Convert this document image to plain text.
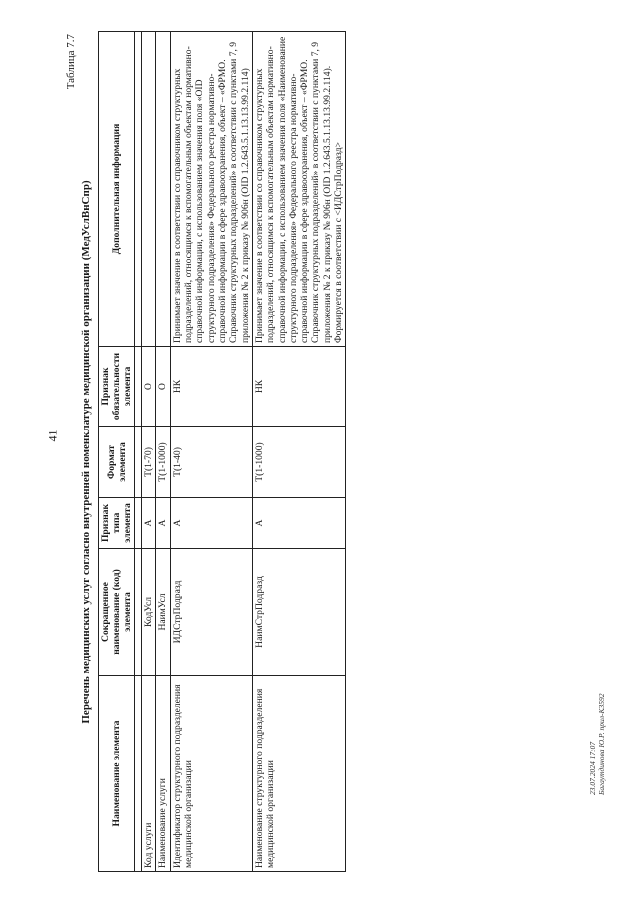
41
Таблица 7.7
Перечень медицинских услуг согласно внутренней номенклатуре медицинской организации (МедУслВнСпр)
Наименование элемента	Сокращенное наименование (код) элемента	Признак типа элемента	Формат элемента	Признак обязательности элемента	Дополнительная информация

Код услуги	КодУсл	А	Т(1-70)	О	
Наименование услуги	НаимУсл	А	Т(1-1000)	О	
Идентификатор структурного подразделения медицинской организации	ИДСтрПодразд	А	Т(1-40)	НК	Принимает значение в соответствии со справочником структурных подразделений, относящимся к вспомогательным объектам нормативно-справочной информации, с использованием значения поля «OID структурного подразделения» Федерального реестра нормативно-справочной информации в сфере здравоохранения, объект – «ФРМО. Справочник структурных подразделений» в соответствии с пунктами 7, 9 приложения № 2 к приказу № 906н (OID 1.2.643.5.1.13.13.99.2.114)
Наименование структурного подразделения медицинской организации	НаимСтрПодразд	А	Т(1-1000)	НК	Принимает значение в соответствии со справочником структурных подразделений, относящимся к вспомогательным объектам нормативно-справочной информации, с использованием значения поля «Наименование структурного подразделения» Федерального реестра нормативно-справочной информации в сфере здравоохранения, объект – «ФРМО. Справочник структурных подразделений» в соответствии с пунктами 7, 9 приложения № 2 к приказу № 906н (OID 1.2.643.5.1.13.13.99.2.114). Формируется в соответствии с <ИДСтрПодразд>
23.07.2024 17:07 Багаутдинова Ю.Р. прил-К3592
